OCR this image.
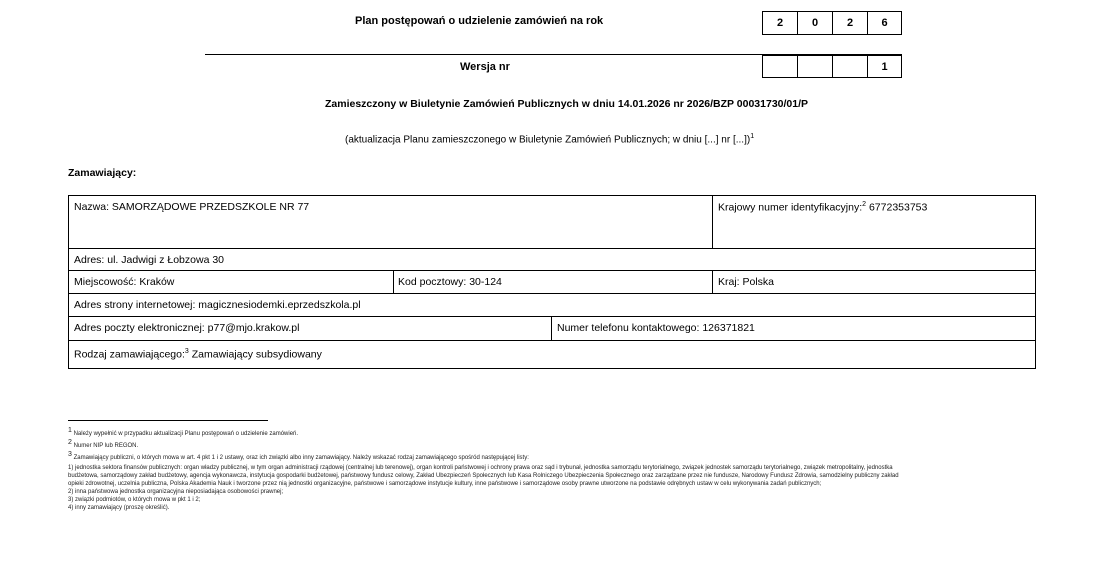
Plan postępowań o udzielenie zamówień na rok	2	0	2	6
Wersja nr	1
Zamieszczony w Biuletynie Zamówień Publicznych w dniu 14.01.2026 nr 2026/BZP 00031730/01/P
(aktualizacja Planu zamieszczonego w Biuletynie Zamówień Publicznych; w dniu [...] nr [...])$^1$
Zamawiający:
Nazwa: SAMORZĄDOWE PRZEDSZKOLE NR 77	Krajowy numer identyfikacyjny:$^2$ 6772353753
Adres: ul. Jadwigi z Łobzowa 30
Miejscowość: Kraków	Kod pocztowy: 30-124	Kraj: Polska
Adres strony internetowej: magicznesiodemki.eprzedszkola.pl
Adres poczty elektronicznej: p77@mjo.krakow.pl	Numer telefonu kontaktowego: 126371821
Rodzaj zamawiającego:$^3$ Zamawiający subsydiowany
$^1$ Należy wypełnić w przypadku aktualizacji Planu postępowań o udzielenie zamówień.
$^2$ Numer NIP lub REGON.
$^3$ Zamawiający publiczni, o których mowa w art. 4 pkt 1 i 2 ustawy, oraz ich związki albo inny zamawiający. Należy wskazać rodzaj zamawiającego spośród następującej listy:
1) jednostka sektora finansów publicznych: organ władzy publicznej, w tym organ administracji rządowej (centralnej lub terenowej), organ kontroli państwowej i ochrony prawa oraz sąd i trybunał, jednostka samorządu terytorialnego, związek jednostek samorządu terytorialnego, związek metropolitalny, jednostka
budżetowa, samorządowy zakład budżetowy, agencja wykonawcza, instytucja gospodarki budżetowej, państwowy fundusz celowy, Zakład Ubezpieczeń Społecznych lub Kasa Rolniczego Ubezpieczenia Społecznego oraz zarządzane przez nie fundusze, Narodowy Fundusz Zdrowia, samodzielny publiczny zakład
opieki zdrowotnej, uczelnia publiczna, Polska Akademia Nauk i tworzone przez nią jednostki organizacyjne, państwowe i samorządowe instytucje kultury, inne państwowe i samorządowe osoby prawne utworzone na podstawie odrębnych ustaw w celu wykonywania zadań publicznych;
2) inna państwowa jednostka organizacyjna nieposiadająca osobowości prawnej;
3) związki podmiotów, o których mowa w pkt 1 i 2;
4) inny zamawiający (proszę określić).
